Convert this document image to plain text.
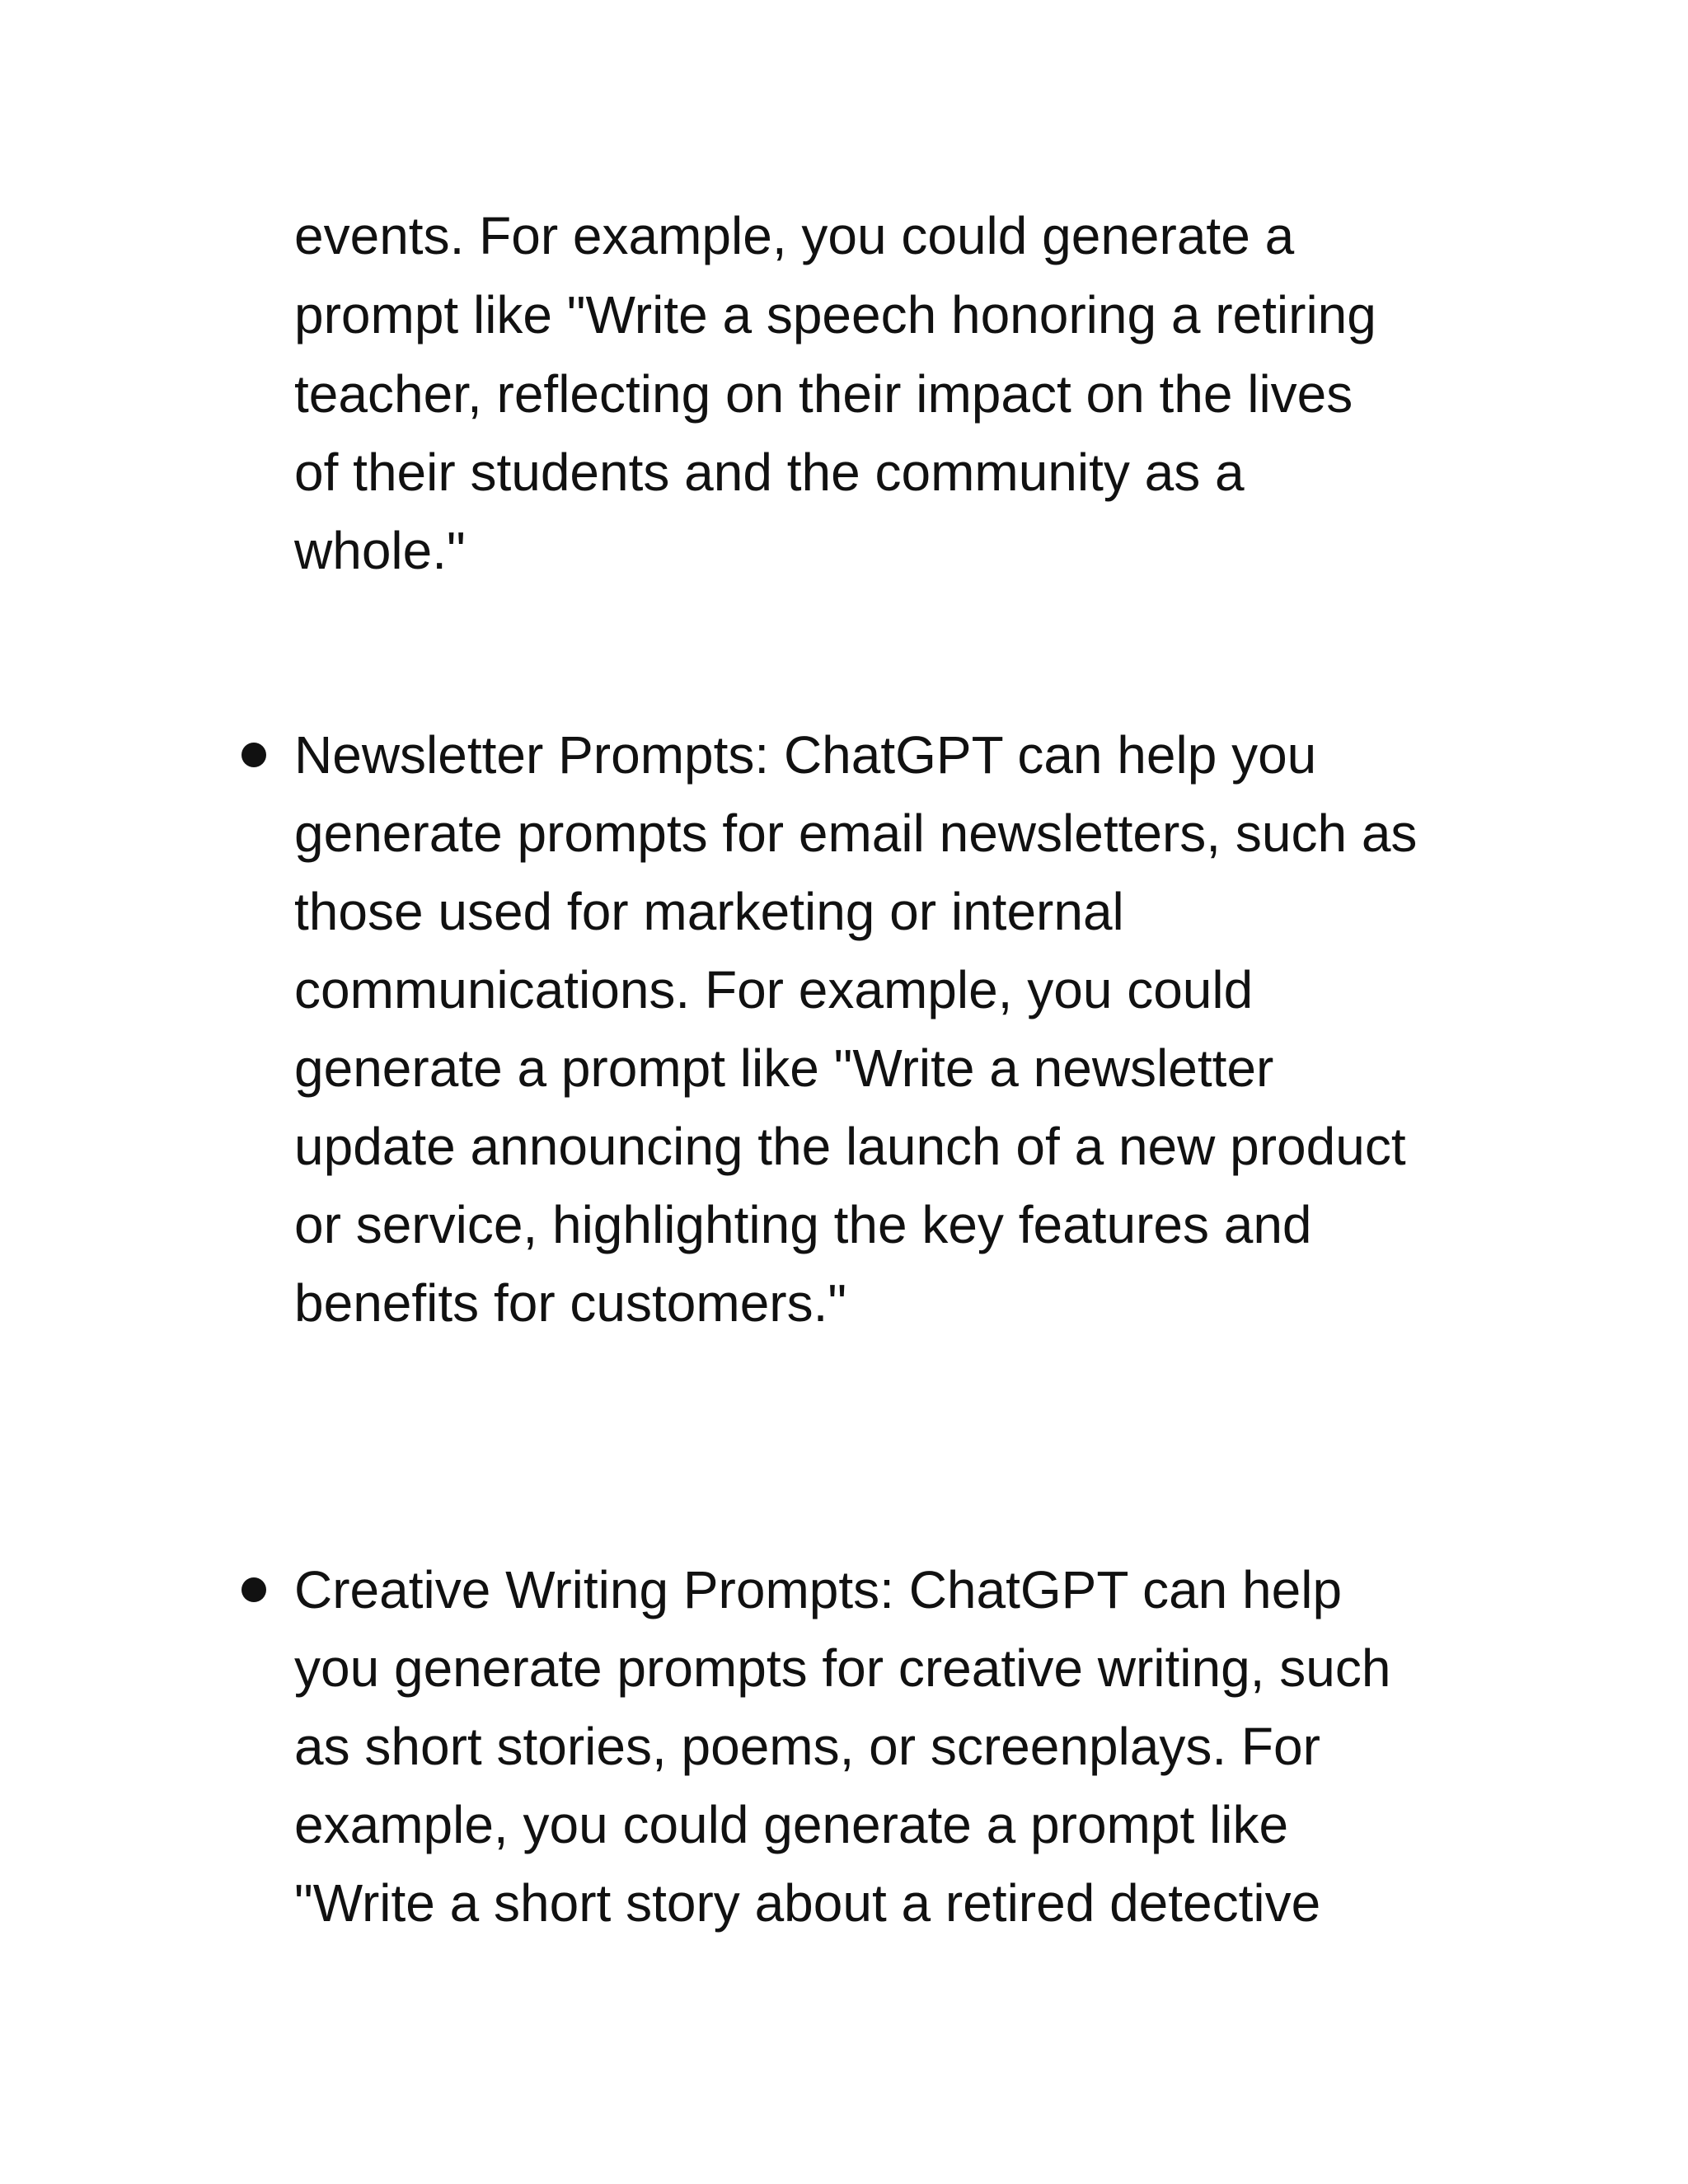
events. For example, you could generate a
prompt like "Write a speech honoring a retiring
teacher, reflecting on their impact on the lives
of their students and the community as a
whole."
Newsletter Prompts: ChatGPT can help you
generate prompts for email newsletters, such as
those used for marketing or internal
communications. For example, you could
generate a prompt like "Write a newsletter
update announcing the launch of a new product
or service, highlighting the key features and
benefits for customers."
Creative Writing Prompts: ChatGPT can help
you generate prompts for creative writing, such
as short stories, poems, or screenplays. For
example, you could generate a prompt like
"Write a short story about a retired detective
